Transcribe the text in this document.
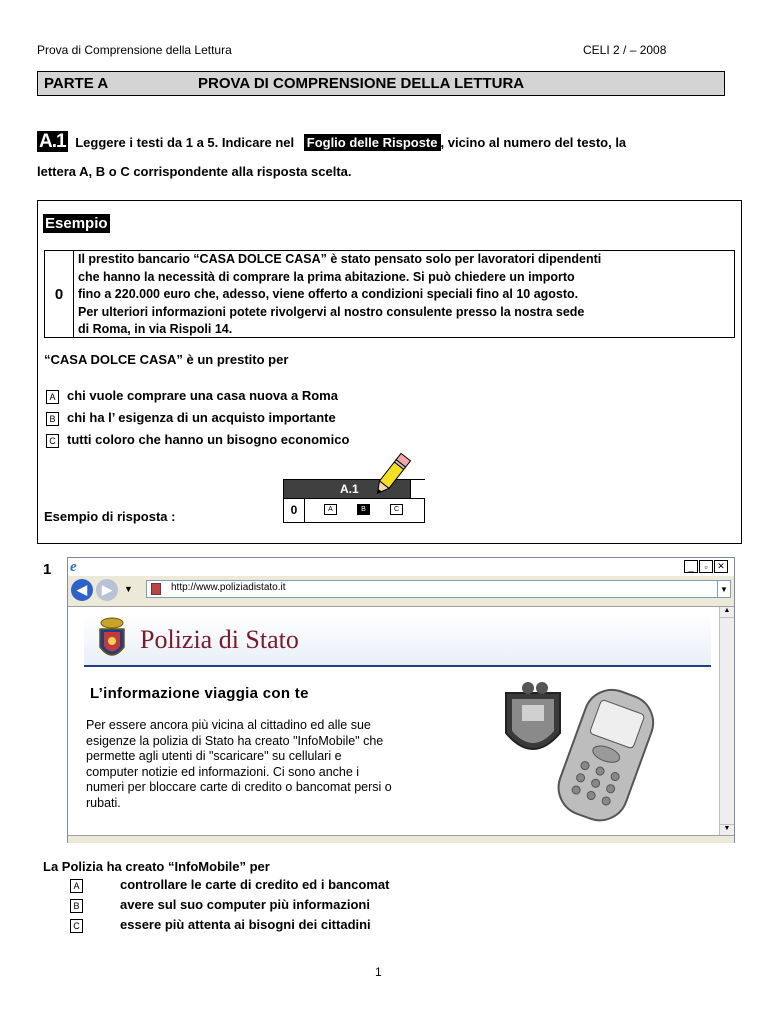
Prova di Comprensione della Lettura	CELI 2 / – 2008
PARTE A	PROVA DI COMPRENSIONE DELLA LETTURA
A.1 Leggere i testi da 1 a 5. Indicare nel Foglio delle Risposte , vicino al numero del testo, la
lettera A, B o C corrispondente alla risposta scelta.
Esempio
0
Il prestito bancario “CASA DOLCE CASA” è stato pensato solo per lavoratori dipendenti
che hanno la necessità di comprare la prima abitazione. Si può chiedere un importo
fino a 220.000 euro che, adesso, viene offerto a condizioni speciali fino al 10 agosto.
Per ulteriori informazioni potete rivolgervi al nostro consulente presso la nostra sede
di Roma, in via Rispoli 14.
“CASA DOLCE CASA” è un prestito per
A chi vuole comprare una casa nuova a Roma
B chi ha l’ esigenza di un acquisto importante
C tutti coloro che hanno un bisogno economico
Esempio di risposta :
A.1
0	A	B	C
1 e	_	▫	✕
◀	▶	▼	http://www.poliziadistato.it	▼
Polizia di Stato
L’informazione viaggia con te
Per essere ancora più vicina al cittadino ed alle sue
esigenze la polizia di Stato ha creato "InfoMobile" che
permette agli utenti di "scaricare" su cellulari e
computer notizie ed informazioni. Ci sono anche i
numeri per bloccare carte di credito o bancomat persi o
rubati.
▲
▼
La Polizia ha creato “InfoMobile” per
A	controllare le carte di credito ed i bancomat
B	avere sul suo computer più informazioni
C	essere più attenta ai bisogni dei cittadini
1
